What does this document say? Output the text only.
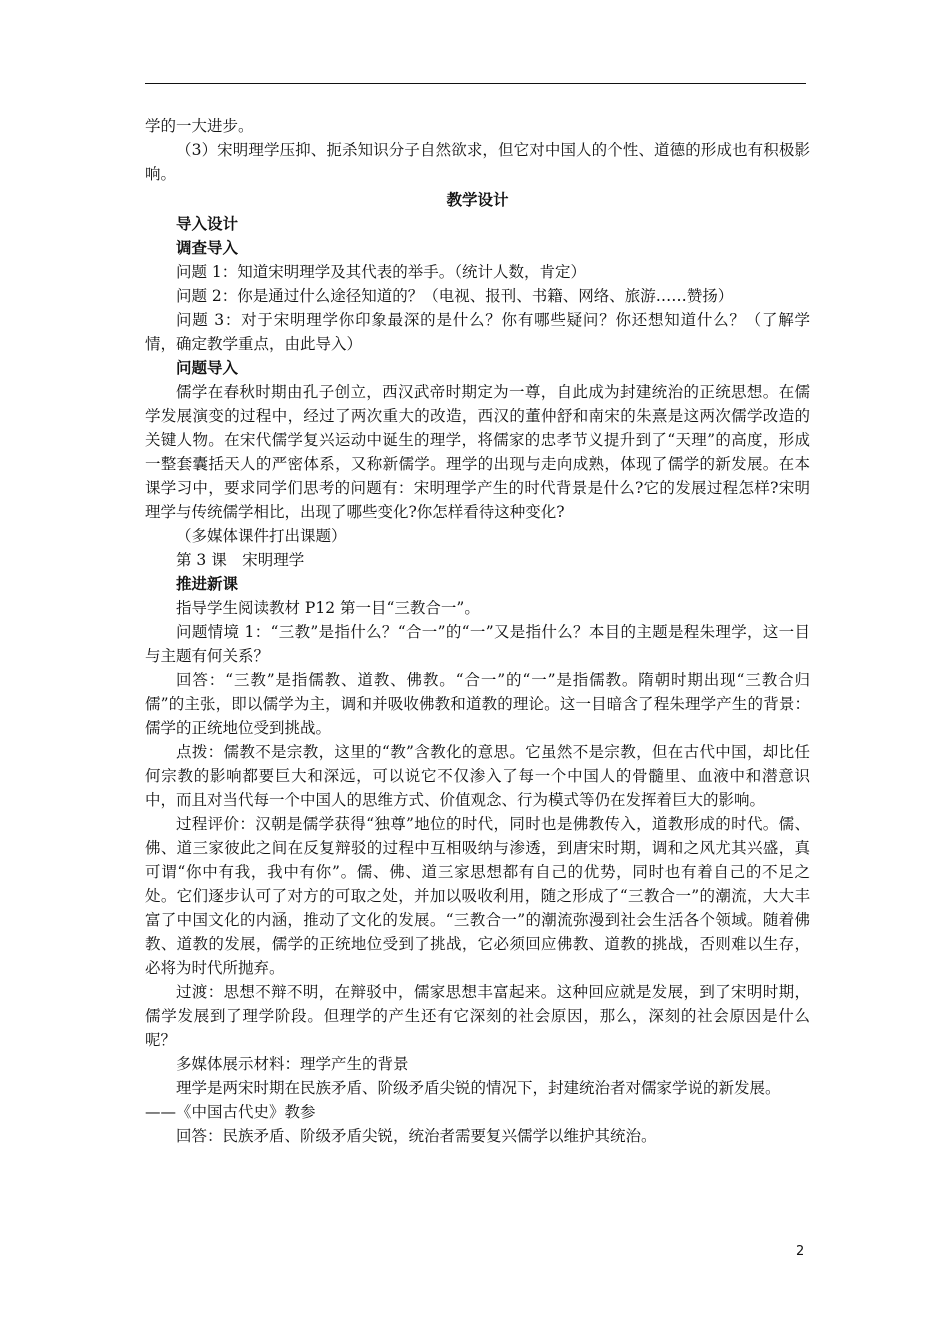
学的一大进步。

（3）宋明理学压抑、扼杀知识分子自然欲求，但它对中国人的个性、道德的形成也有积极影响。

教学设计

导入设计

调查导入

问题 1：知道宋明理学及其代表的举手。（统计人数，肯定）

问题 2：你是通过什么途径知道的？（电视、报刊、书籍、网络、旅游……赞扬）

问题 3：对于宋明理学你印象最深的是什么？你有哪些疑问？你还想知道什么？（了解学情，确定教学重点，由此导入）

问题导入

儒学在春秋时期由孔子创立，西汉武帝时期定为一尊，自此成为封建统治的正统思想。在儒学发展演变的过程中，经过了两次重大的改造，西汉的董仲舒和南宋的朱熹是这两次儒学改造的关键人物。在宋代儒学复兴运动中诞生的理学，将儒家的忠孝节义提升到了“天理”的高度，形成一整套囊括天人的严密体系，又称新儒学。理学的出现与走向成熟，体现了儒学的新发展。在本课学习中，要求同学们思考的问题有：宋明理学产生的时代背景是什么?它的发展过程怎样?宋明理学与传统儒学相比，出现了哪些变化?你怎样看待这种变化?

（多媒体课件打出课题）

第 3 课　宋明理学

推进新课

指导学生阅读教材 P12 第一目“三教合一”。

问题情境 1：“三教”是指什么？“合一”的“一”又是指什么？本目的主题是程朱理学，这一目与主题有何关系？

回答：“三教”是指儒教、道教、佛教。“合一”的“一”是指儒教。隋朝时期出现“三教合归儒”的主张，即以儒学为主，调和并吸收佛教和道教的理论。这一目暗含了程朱理学产生的背景：儒学的正统地位受到挑战。

点拨：儒教不是宗教，这里的“教”含教化的意思。它虽然不是宗教，但在古代中国，却比任何宗教的影响都要巨大和深远，可以说它不仅渗入了每一个中国人的骨髓里、血液中和潜意识中，而且对当代每一个中国人的思维方式、价值观念、行为模式等仍在发挥着巨大的影响。

过程评价：汉朝是儒学获得“独尊”地位的时代，同时也是佛教传入，道教形成的时代。儒、佛、道三家彼此之间在反复辩驳的过程中互相吸纳与渗透，到唐宋时期，调和之风尤其兴盛，真可谓“你中有我，我中有你”。儒、佛、道三家思想都有自己的优势，同时也有着自己的不足之处。它们逐步认可了对方的可取之处，并加以吸收利用，随之形成了“三教合一”的潮流，大大丰富了中国文化的内涵，推动了文化的发展。“三教合一”的潮流弥漫到社会生活各个领域。随着佛教、道教的发展，儒学的正统地位受到了挑战，它必须回应佛教、道教的挑战，否则难以生存，必将为时代所抛弃。

过渡：思想不辩不明，在辩驳中，儒家思想丰富起来。这种回应就是发展，到了宋明时期，儒学发展到了理学阶段。但理学的产生还有它深刻的社会原因，那么，深刻的社会原因是什么呢？

多媒体展示材料：理学产生的背景

理学是两宋时期在民族矛盾、阶级矛盾尖锐的情况下，封建统治者对儒家学说的新发展。

——《中国古代史》教参

回答：民族矛盾、阶级矛盾尖锐，统治者需要复兴儒学以维护其统治。

2
